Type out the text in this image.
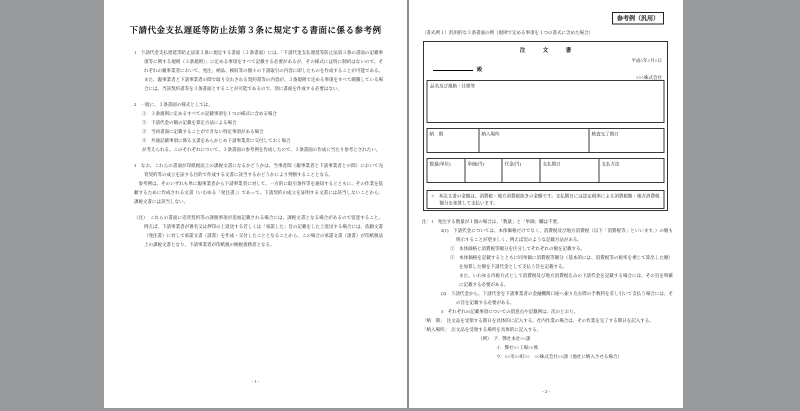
下請代金支払遅延等防止法第３条に規定する書面に係る参考例
1　下請代金支払遅延等防止法第３条に規定する書面（３条書面）には、「下請代金支払遅延等防止法第３条の書面の記載事項等に関する規則（３条規則）」に定める事項をすべて記載する必要があるが、その様式には特に制約はないので、それぞれの親事業者において、発注、納品、検収等の個々の下請取引の内容に即したものを作成することが可能である。また、親事業者と下請事業者の間で取り交わされる契約書等の内容が、３条規則で定める事項をすべて網羅している場合には、当該契約書等を３条書面とすることが可能であるので、別に書面を作成する必要はない。
2　一般に、３条書面の様式としては、
①　３条規則に定めるすべての記載事項を１つの様式に含める場合
②　下請代金の額の記載を算定方法による場合
③　当初書面に記載することができない特定事項がある場合
④　共通記載事項に係る文書をあらかじめ下請事業者に交付しておく場合
が考えられる。このそれぞれについて、３条書面の参考例を作成したので、３条書面の作成に当たり参考とされたい。
3　なお、これらの書面が印紙税法上の課税文書になるかどうかは、当事者間（親事業者と下請事業者との間）において売買契約等の成立を証する目的で作成する文書に該当するかどうかにより判断することとなる。
参考例は、そのいずれも単に親事業者から下請事業者に対して、一方的に取引条件等を通知するとともに、その作業を依頼するために作成される文書（いわゆる「発注書」）であって、下請契約の成立を証明する文書には該当しないことから、課税文書には該当しない。
（注）　これらの書面に売買契約等の課税事項が追加記載される場合には、課税文書となる場合があるので留意すること。例えば、下請事業者が署名又は押印の上返送する若しくは「承諾した」旨の記載をした上返送する場合には、依頼文書（発注書）に対して承諾文書（請書）を作成・交付したこととなることから、この場合の承諾文書（請書）が印紙税法上の課税文書となり、下請事業者が印紙税の納税義務者となる。
- 1 -
参考例（汎用）
（書式例１）汎用的な３条書面の例（規則で定める事項を１つの書式に含めた場合）
注　文　書
平成○年○月○日
殿
○○○株式会社
品名及び規格・仕様等
納　期	納入場所	検査完了期日
数量(単位)	単価(円)	代金(円)	支払期日	支払方法
○　本注文書の金額は、消費税・地方消費税抜きの金額です。支払期日には法定税率による消費税額・地方消費税額分を加算して支払います。
注：1　発注する数量が１個の場合は、「数量」と「単価」欄は不要。
2(1)　下請代金については、本体価格だけでなく、消費税及び地方消費税（以下「消費税等」といいます。）の額も明示することが望ましく、例えば次のような記載方法がある。
①　本体価格と消費税等額分を区分してそれぞれの額を記載する。
②　本体価格を記載するとともに同単価に消費税等額分（基本的には、消費税等の税率を乗じて算出した額）を加算した額を下請代金として支払う旨を記載する。
また、いわゆる内税方式として消費税及び地方消費税込みの下請代金を記載する場合には、その旨を明確に記載する必要がある。
(2)　下請代金から、下請代金を下請事業者の金融機関口座へ振り込む際の手数料を差し引いて支払う場合には、その旨を記載する必要がある。
3　それぞれの記載事項についての留意点や記載例は、次のとおり。
「納　期」　注文品を受領する期日を具体的に記入する。社内作業の場合は、その作業を完了する期日を記入する。
「納入場所」　注文品を受領する場所を具体的に記入する。
（例）　ア．弊社本社○○課
イ．弊社○○工場○○係
ウ．○○市○○町○○　○○株式会社○○課（他社に納入させる場合）
- 2 -
